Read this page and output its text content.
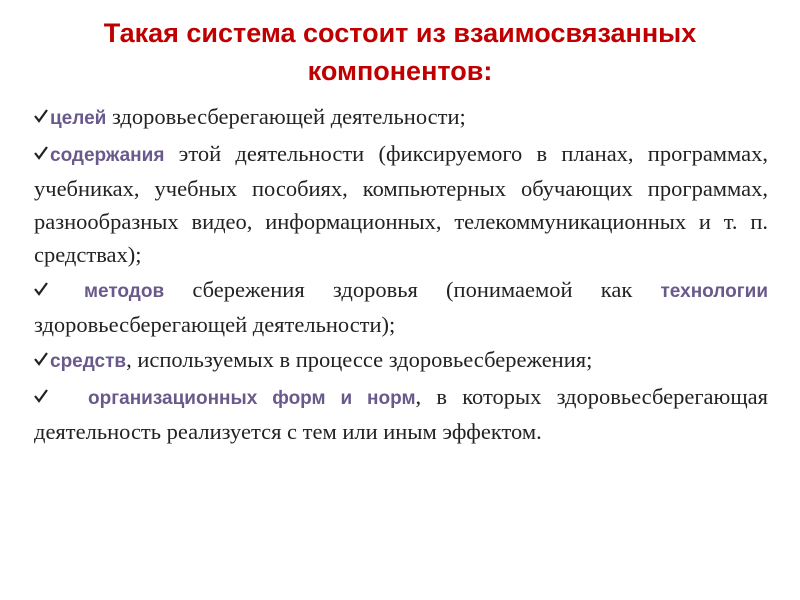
Такая система состоит из взаимосвязанных компонентов:
целей здоровьесберегающей деятельности;
содержания этой деятельности (фиксируемого в планах, программах, учебниках, учебных пособиях, компьютерных обучающих программах, разнообразных видео, информационных, телекоммуникационных и т. п. средствах);
методов сбережения здоровья (понимаемой как технологии здоровьесберегающей деятельности);
средств, используемых в процессе здоровьесбережения;
организационных форм и норм, в которых здоровьесберегающая деятельность реализуется с тем или иным эффектом.
